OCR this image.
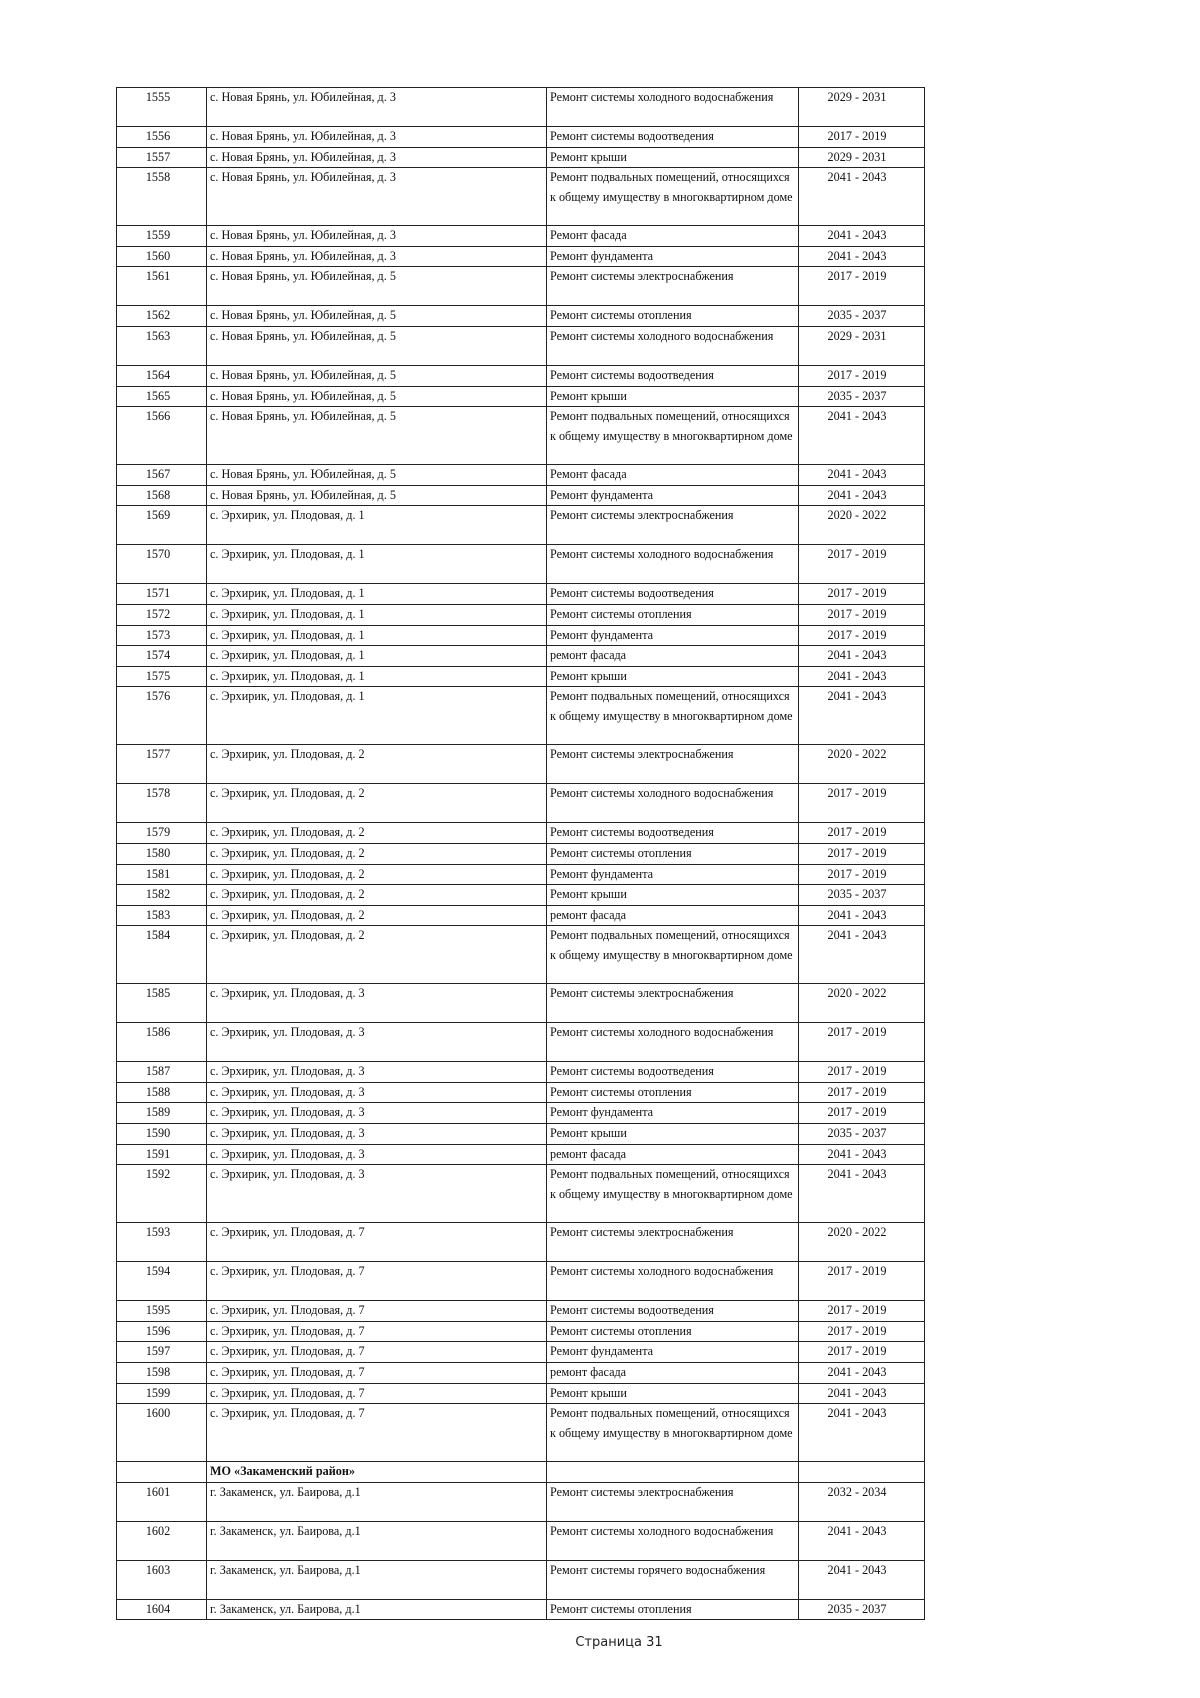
1555	с. Новая Брянь, ул. Юбилейная, д. 3	Ремонт системы холодного водоснабжения	2029 - 2031
1556	с. Новая Брянь, ул. Юбилейная, д. 3	Ремонт системы водоотведения	2017 - 2019
1557	с. Новая Брянь, ул. Юбилейная, д. 3	Ремонт крыши	2029 - 2031
1558	с. Новая Брянь, ул. Юбилейная, д. 3	Ремонт подвальных помещений, относящихся к общему имуществу в многоквартирном доме	2041 - 2043
1559	с. Новая Брянь, ул. Юбилейная, д. 3	Ремонт фасада	2041 - 2043
1560	с. Новая Брянь, ул. Юбилейная, д. 3	Ремонт фундамента	2041 - 2043
1561	с. Новая Брянь, ул. Юбилейная, д. 5	Ремонт системы электроснабжения	2017 - 2019
1562	с. Новая Брянь, ул. Юбилейная, д. 5	Ремонт системы отопления	2035 - 2037
1563	с. Новая Брянь, ул. Юбилейная, д. 5	Ремонт системы холодного водоснабжения	2029 - 2031
1564	с. Новая Брянь, ул. Юбилейная, д. 5	Ремонт системы водоотведения	2017 - 2019
1565	с. Новая Брянь, ул. Юбилейная, д. 5	Ремонт крыши	2035 - 2037
1566	с. Новая Брянь, ул. Юбилейная, д. 5	Ремонт подвальных помещений, относящихся к общему имуществу в многоквартирном доме	2041 - 2043
1567	с. Новая Брянь, ул. Юбилейная, д. 5	Ремонт фасада	2041 - 2043
1568	с. Новая Брянь, ул. Юбилейная, д. 5	Ремонт фундамента	2041 - 2043
1569	с. Эрхирик, ул. Плодовая, д. 1	Ремонт системы электроснабжения	2020 - 2022
1570	с. Эрхирик, ул. Плодовая, д. 1	Ремонт системы холодного водоснабжения	2017 - 2019
1571	с. Эрхирик, ул. Плодовая, д. 1	Ремонт системы водоотведения	2017 - 2019
1572	с. Эрхирик, ул. Плодовая, д. 1	Ремонт системы отопления	2017 - 2019
1573	с. Эрхирик, ул. Плодовая, д. 1	Ремонт фундамента	2017 - 2019
1574	с. Эрхирик, ул. Плодовая, д. 1	ремонт фасада	2041 - 2043
1575	с. Эрхирик, ул. Плодовая, д. 1	Ремонт крыши	2041 - 2043
1576	с. Эрхирик, ул. Плодовая, д. 1	Ремонт подвальных помещений, относящихся к общему имуществу в многоквартирном доме	2041 - 2043
1577	с. Эрхирик, ул. Плодовая, д. 2	Ремонт системы электроснабжения	2020 - 2022
1578	с. Эрхирик, ул. Плодовая, д. 2	Ремонт системы холодного водоснабжения	2017 - 2019
1579	с. Эрхирик, ул. Плодовая, д. 2	Ремонт системы водоотведения	2017 - 2019
1580	с. Эрхирик, ул. Плодовая, д. 2	Ремонт системы отопления	2017 - 2019
1581	с. Эрхирик, ул. Плодовая, д. 2	Ремонт фундамента	2017 - 2019
1582	с. Эрхирик, ул. Плодовая, д. 2	Ремонт крыши	2035 - 2037
1583	с. Эрхирик, ул. Плодовая, д. 2	ремонт фасада	2041 - 2043
1584	с. Эрхирик, ул. Плодовая, д. 2	Ремонт подвальных помещений, относящихся к общему имуществу в многоквартирном доме	2041 - 2043
1585	с. Эрхирик, ул. Плодовая, д. 3	Ремонт системы электроснабжения	2020 - 2022
1586	с. Эрхирик, ул. Плодовая, д. 3	Ремонт системы холодного водоснабжения	2017 - 2019
1587	с. Эрхирик, ул. Плодовая, д. 3	Ремонт системы водоотведения	2017 - 2019
1588	с. Эрхирик, ул. Плодовая, д. 3	Ремонт системы отопления	2017 - 2019
1589	с. Эрхирик, ул. Плодовая, д. 3	Ремонт фундамента	2017 - 2019
1590	с. Эрхирик, ул. Плодовая, д. 3	Ремонт крыши	2035 - 2037
1591	с. Эрхирик, ул. Плодовая, д. 3	ремонт фасада	2041 - 2043
1592	с. Эрхирик, ул. Плодовая, д. 3	Ремонт подвальных помещений, относящихся к общему имуществу в многоквартирном доме	2041 - 2043
1593	с. Эрхирик, ул. Плодовая, д. 7	Ремонт системы электроснабжения	2020 - 2022
1594	с. Эрхирик, ул. Плодовая, д. 7	Ремонт системы холодного водоснабжения	2017 - 2019
1595	с. Эрхирик, ул. Плодовая, д. 7	Ремонт системы водоотведения	2017 - 2019
1596	с. Эрхирик, ул. Плодовая, д. 7	Ремонт системы отопления	2017 - 2019
1597	с. Эрхирик, ул. Плодовая, д. 7	Ремонт фундамента	2017 - 2019
1598	с. Эрхирик, ул. Плодовая, д. 7	ремонт фасада	2041 - 2043
1599	с. Эрхирик, ул. Плодовая, д. 7	Ремонт крыши	2041 - 2043
1600	с. Эрхирик, ул. Плодовая, д. 7	Ремонт подвальных помещений, относящихся к общему имуществу в многоквартирном доме	2041 - 2043
	МО «Закаменский район»		
1601	г. Закаменск, ул. Баирова, д.1	Ремонт системы электроснабжения	2032 - 2034
1602	г. Закаменск, ул. Баирова, д.1	Ремонт системы холодного водоснабжения	2041 - 2043
1603	г. Закаменск, ул. Баирова, д.1	Ремонт системы горячего водоснабжения	2041 - 2043
1604	г. Закаменск, ул. Баирова, д.1	Ремонт системы отопления	2035 - 2037
Страница 31
